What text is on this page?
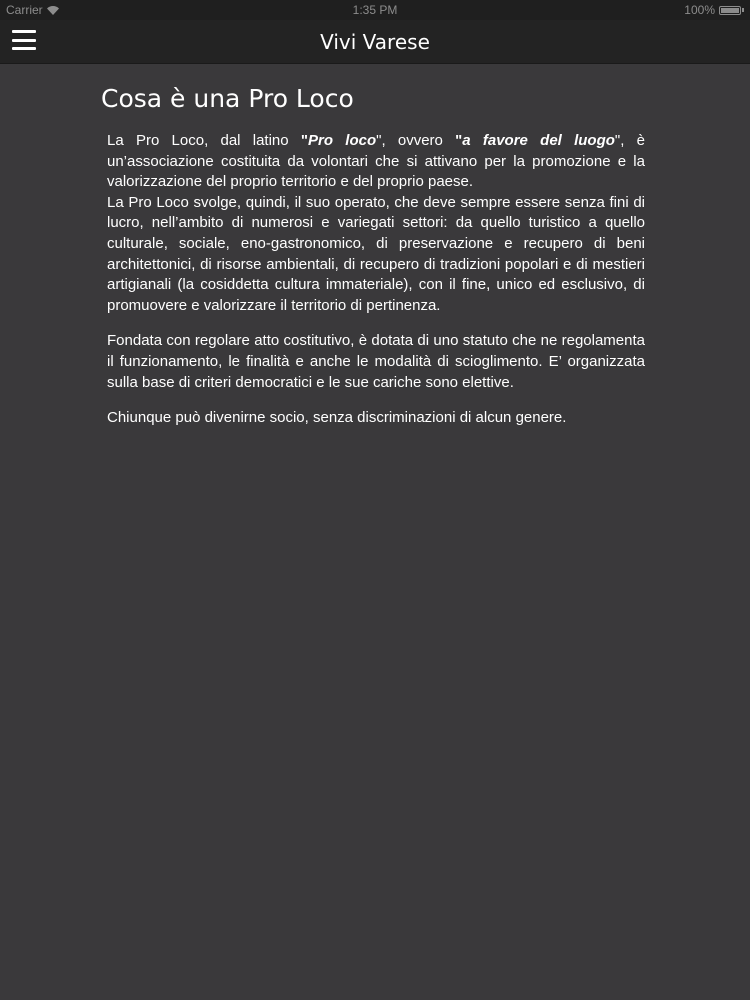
Carrier	1:35 PM	100%
Vivi Varese
Cosa è una Pro Loco

La Pro Loco, dal latino "Pro loco", ovvero "a favore del luogo", è un’associazione costituita da volontari che si attivano per la promozione e la valorizzazione del proprio territorio e del proprio paese.

La Pro Loco svolge, quindi, il suo operato, che deve sempre essere senza fini di lucro, nell’ambito di numerosi e variegati settori: da quello turistico a quello culturale, sociale, eno-gastronomico, di preservazione e recupero di beni architettonici, di risorse ambientali, di recupero di tradizioni popolari e di mestieri artigianali (la cosiddetta cultura immateriale), con il fine, unico ed esclusivo, di promuovere e valorizzare il territorio di pertinenza.

Fondata con regolare atto costitutivo, è dotata di uno statuto che ne regolamenta il funzionamento, le finalità e anche le modalità di scioglimento. E’ organizzata sulla base di criteri democratici e le sue cariche sono elettive.

Chiunque può divenirne socio, senza discriminazioni di alcun genere.
